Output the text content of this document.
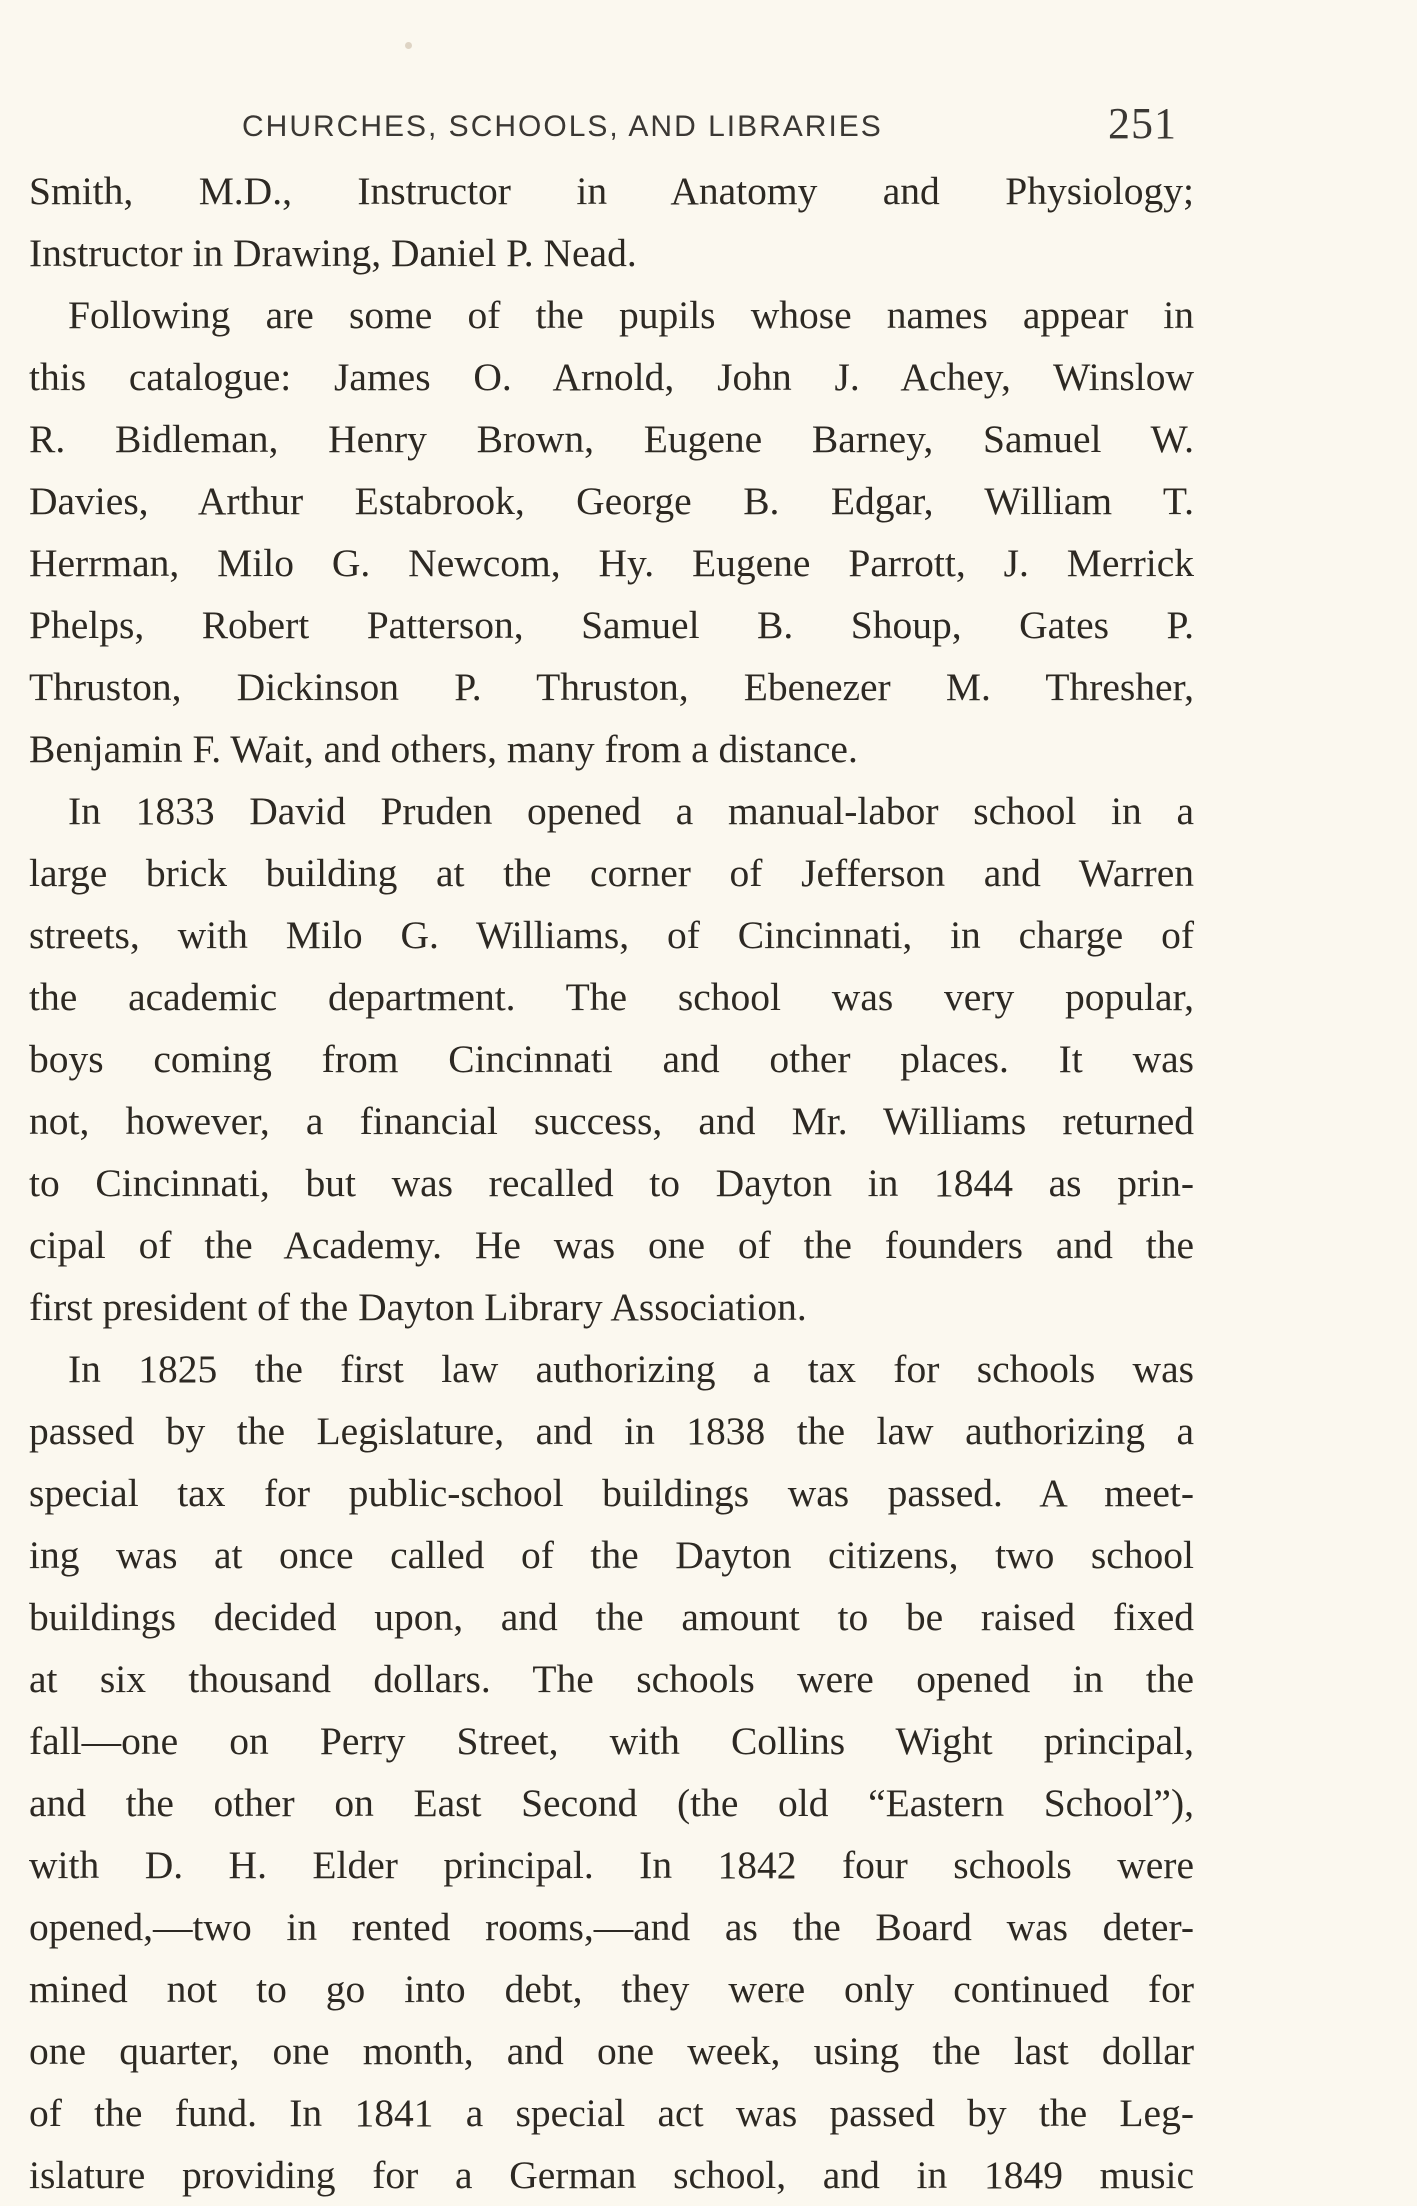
CHURCHES, SCHOOLS, AND LIBRARIES	251
Smith, M.D., Instructor in Anatomy and Physiology;
Instructor in Drawing, Daniel P. Nead.
Following are some of the pupils whose names appear in
this catalogue: James O. Arnold, John J. Achey, Winslow
R. Bidleman, Henry Brown, Eugene Barney, Samuel W.
Davies, Arthur Estabrook, George B. Edgar, William T.
Herrman, Milo G. Newcom, Hy. Eugene Parrott, J. Merrick
Phelps, Robert Patterson, Samuel B. Shoup, Gates P.
Thruston, Dickinson P. Thruston, Ebenezer M. Thresher,
Benjamin F. Wait, and others, many from a distance.
In 1833 David Pruden opened a manual-labor school in a
large brick building at the corner of Jefferson and Warren
streets, with Milo G. Williams, of Cincinnati, in charge of
the academic department. The school was very popular,
boys coming from Cincinnati and other places. It was
not, however, a financial success, and Mr. Williams returned
to Cincinnati, but was recalled to Dayton in 1844 as prin-
cipal of the Academy. He was one of the founders and the
first president of the Dayton Library Association.
In 1825 the first law authorizing a tax for schools was
passed by the Legislature, and in 1838 the law authorizing a
special tax for public-school buildings was passed. A meet-
ing was at once called of the Dayton citizens, two school
buildings decided upon, and the amount to be raised fixed
at six thousand dollars. The schools were opened in the
fall—one on Perry Street, with Collins Wight principal,
and the other on East Second (the old “Eastern School”),
with D. H. Elder principal. In 1842 four schools were
opened,—two in rented rooms,—and as the Board was deter-
mined not to go into debt, they were only continued for
one quarter, one month, and one week, using the last dollar
of the fund. In 1841 a special act was passed by the Leg-
islature providing for a German school, and in 1849 music
